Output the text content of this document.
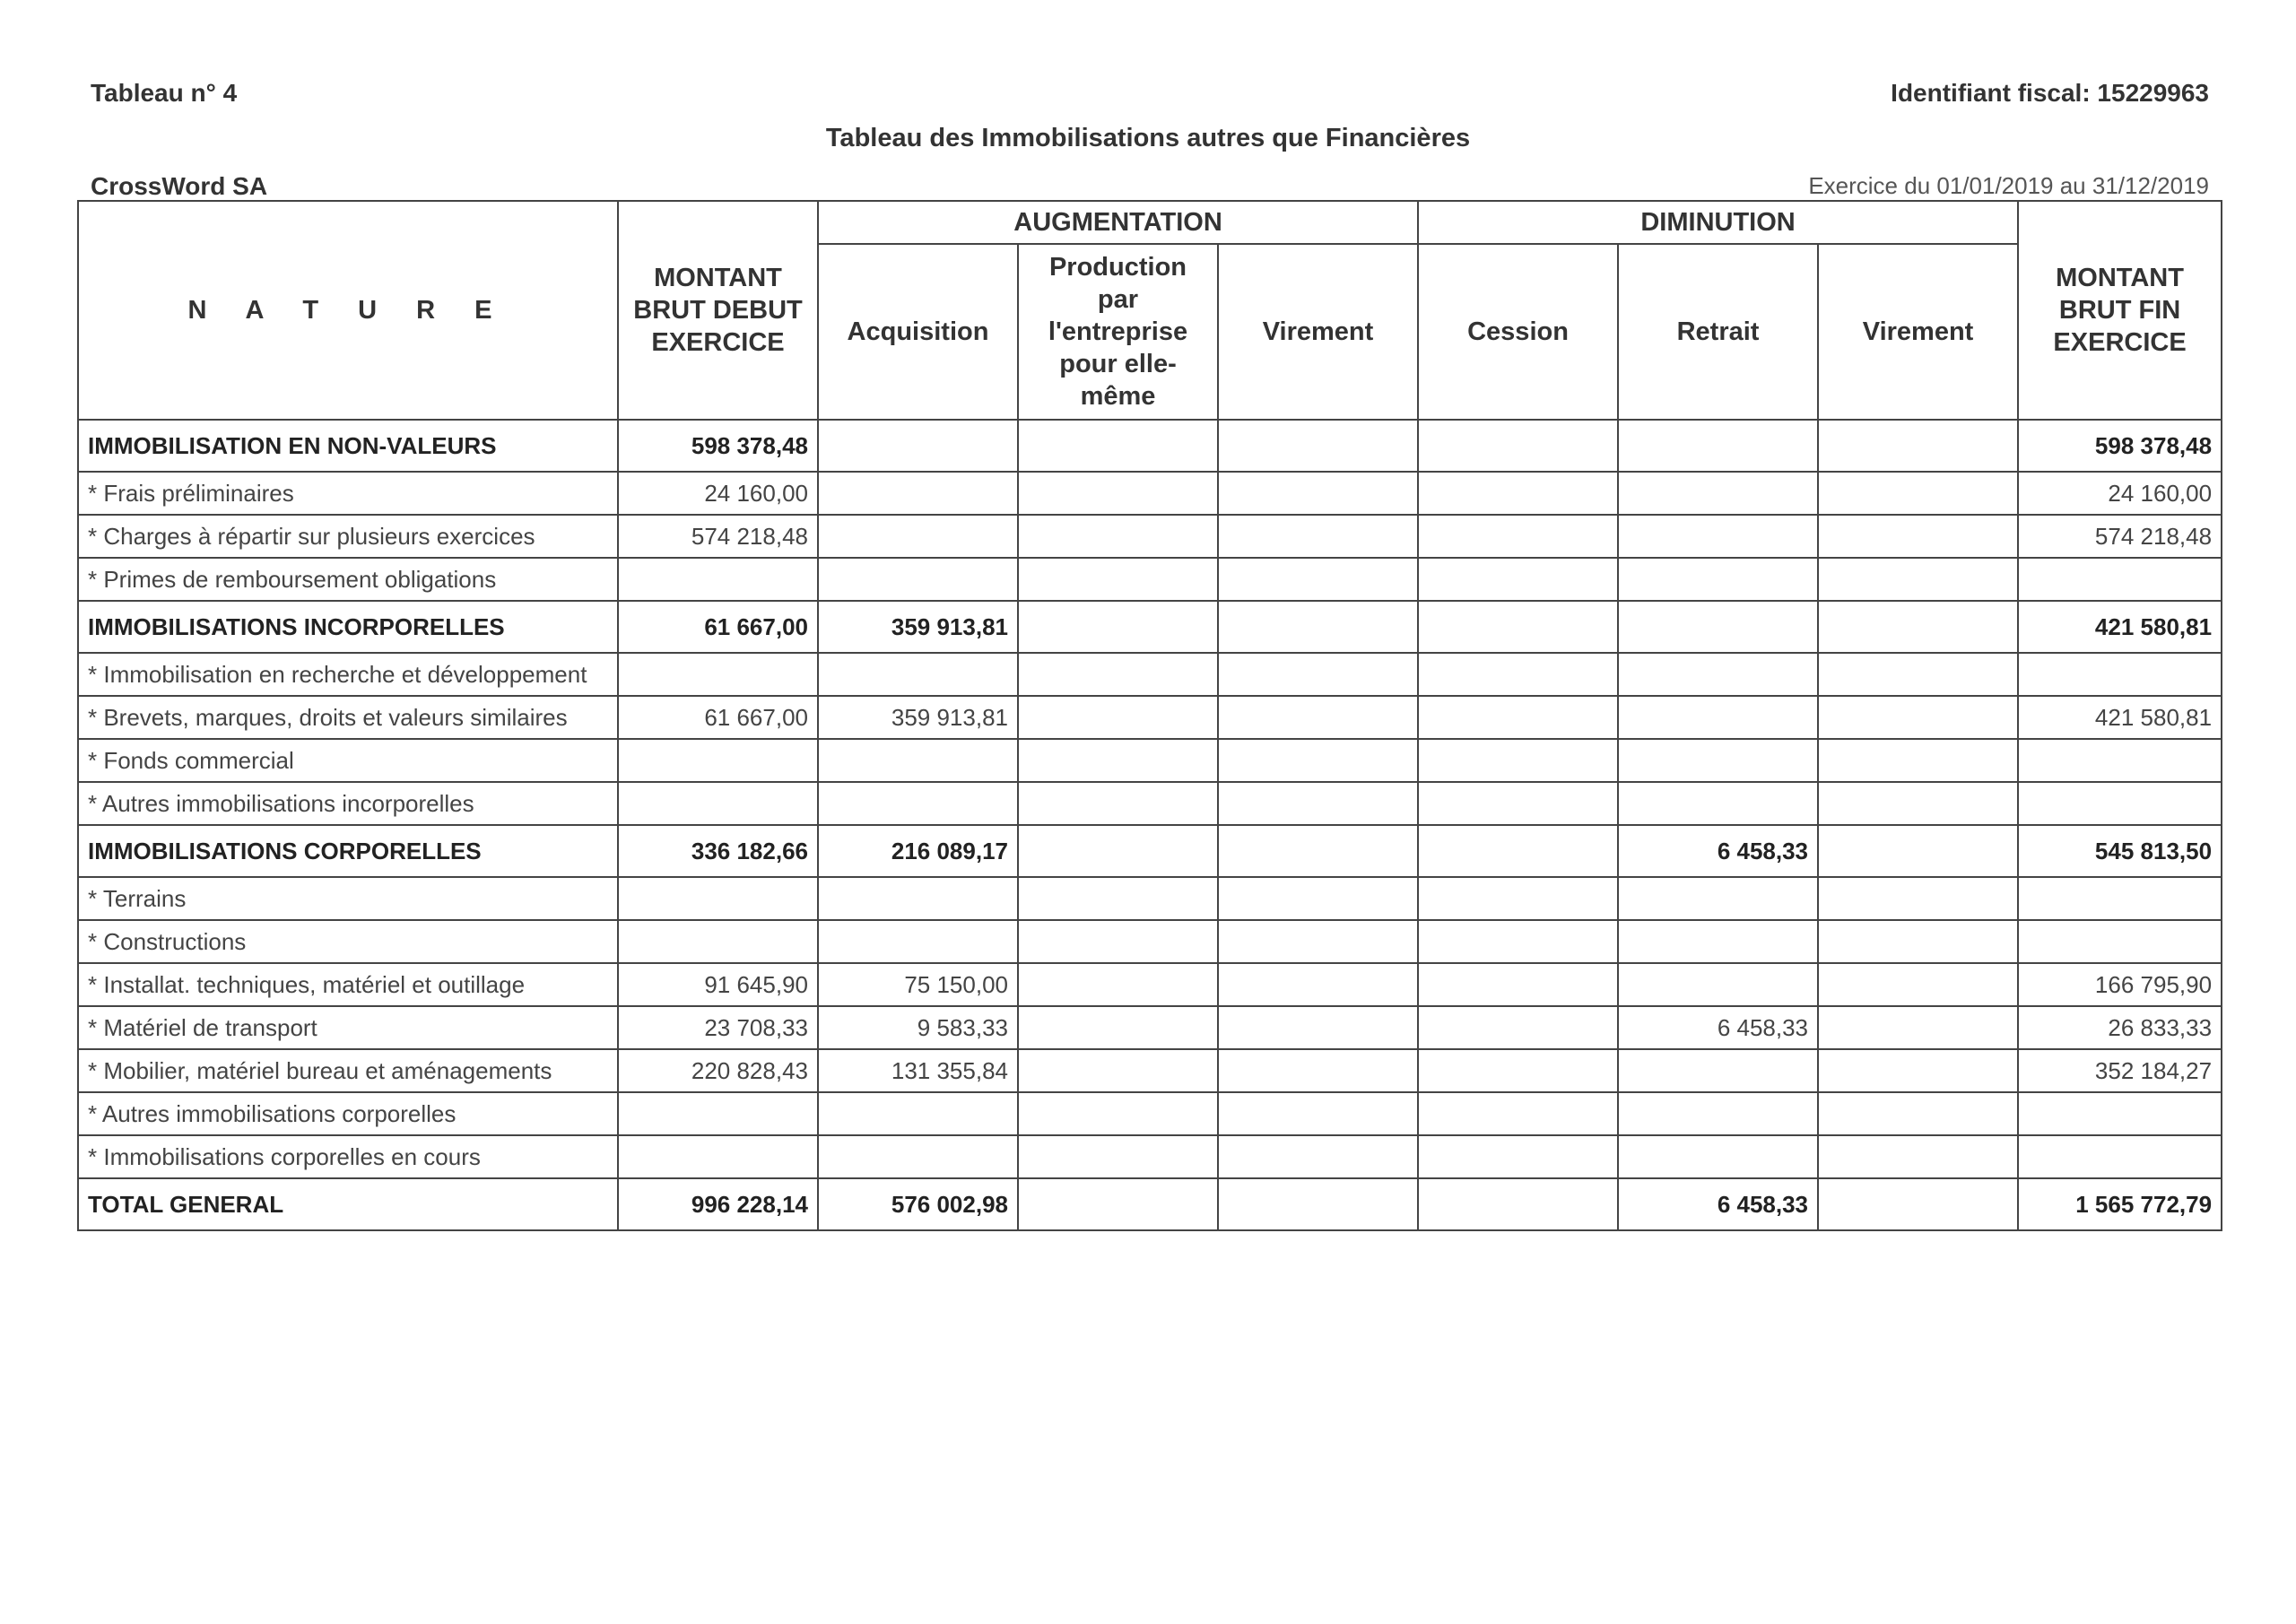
Tableau n° 4	Identifiant fiscal: 15229963
Tableau des Immobilisations autres que Financières
CrossWord SA	Exercice du 01/01/2019 au 31/12/2019
N A T U R E	MONTANT BRUT DEBUT EXERCICE	AUGMENTATION			DIMINUTION			MONTANT BRUT FIN EXERCICE
		Acquisition	Production par l'entreprise pour elle-même	Virement	Cession	Retrait	Virement	
IMMOBILISATION EN NON-VALEURS	598 378,48							598 378,48
* Frais préliminaires	24 160,00							24 160,00
* Charges à répartir sur plusieurs exercices	574 218,48							574 218,48
* Primes de remboursement obligations								
IMMOBILISATIONS INCORPORELLES	61 667,00	359 913,81						421 580,81
* Immobilisation en recherche et développement								
* Brevets, marques, droits et valeurs similaires	61 667,00	359 913,81						421 580,81
* Fonds commercial								
* Autres immobilisations incorporelles								
IMMOBILISATIONS CORPORELLES	336 182,66	216 089,17				6 458,33		545 813,50
* Terrains								
* Constructions								
* Installat. techniques, matériel et outillage	91 645,90	75 150,00						166 795,90
* Matériel de transport	23 708,33	9 583,33				6 458,33		26 833,33
* Mobilier, matériel bureau et aménagements	220 828,43	131 355,84						352 184,27
* Autres immobilisations corporelles								
* Immobilisations corporelles en cours								
TOTAL GENERAL	996 228,14	576 002,98				6 458,33		1 565 772,79
